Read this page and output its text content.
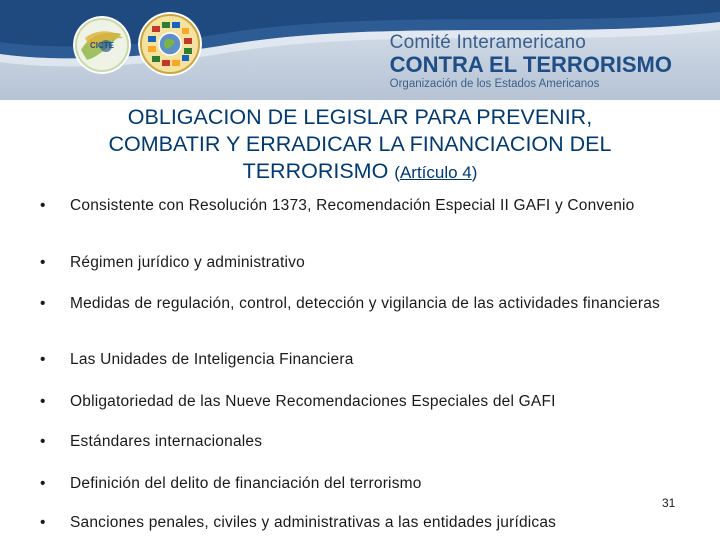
CICTE	Comité Interamericano
CONTRA EL TERRORISMO
Organización de los Estados Americanos
OBLIGACION DE LEGISLAR PARA PREVENIR,
COMBATIR Y ERRADICAR LA FINANCIACION DEL
TERRORISMO (Artículo 4)
•	Consistente con Resolución 1373, Recomendación Especial II GAFI y Convenio
•	Régimen jurídico y administrativo
•	Medidas de regulación, control, detección y vigilancia de las actividades financieras
•	Las Unidades de Inteligencia Financiera
•	Obligatoriedad de las Nueve Recomendaciones Especiales del GAFI
•	Estándares internacionales
•	Definición del delito de financiación del terrorismo
•	Sanciones penales, civiles y administrativas a las entidades jurídicas
31
